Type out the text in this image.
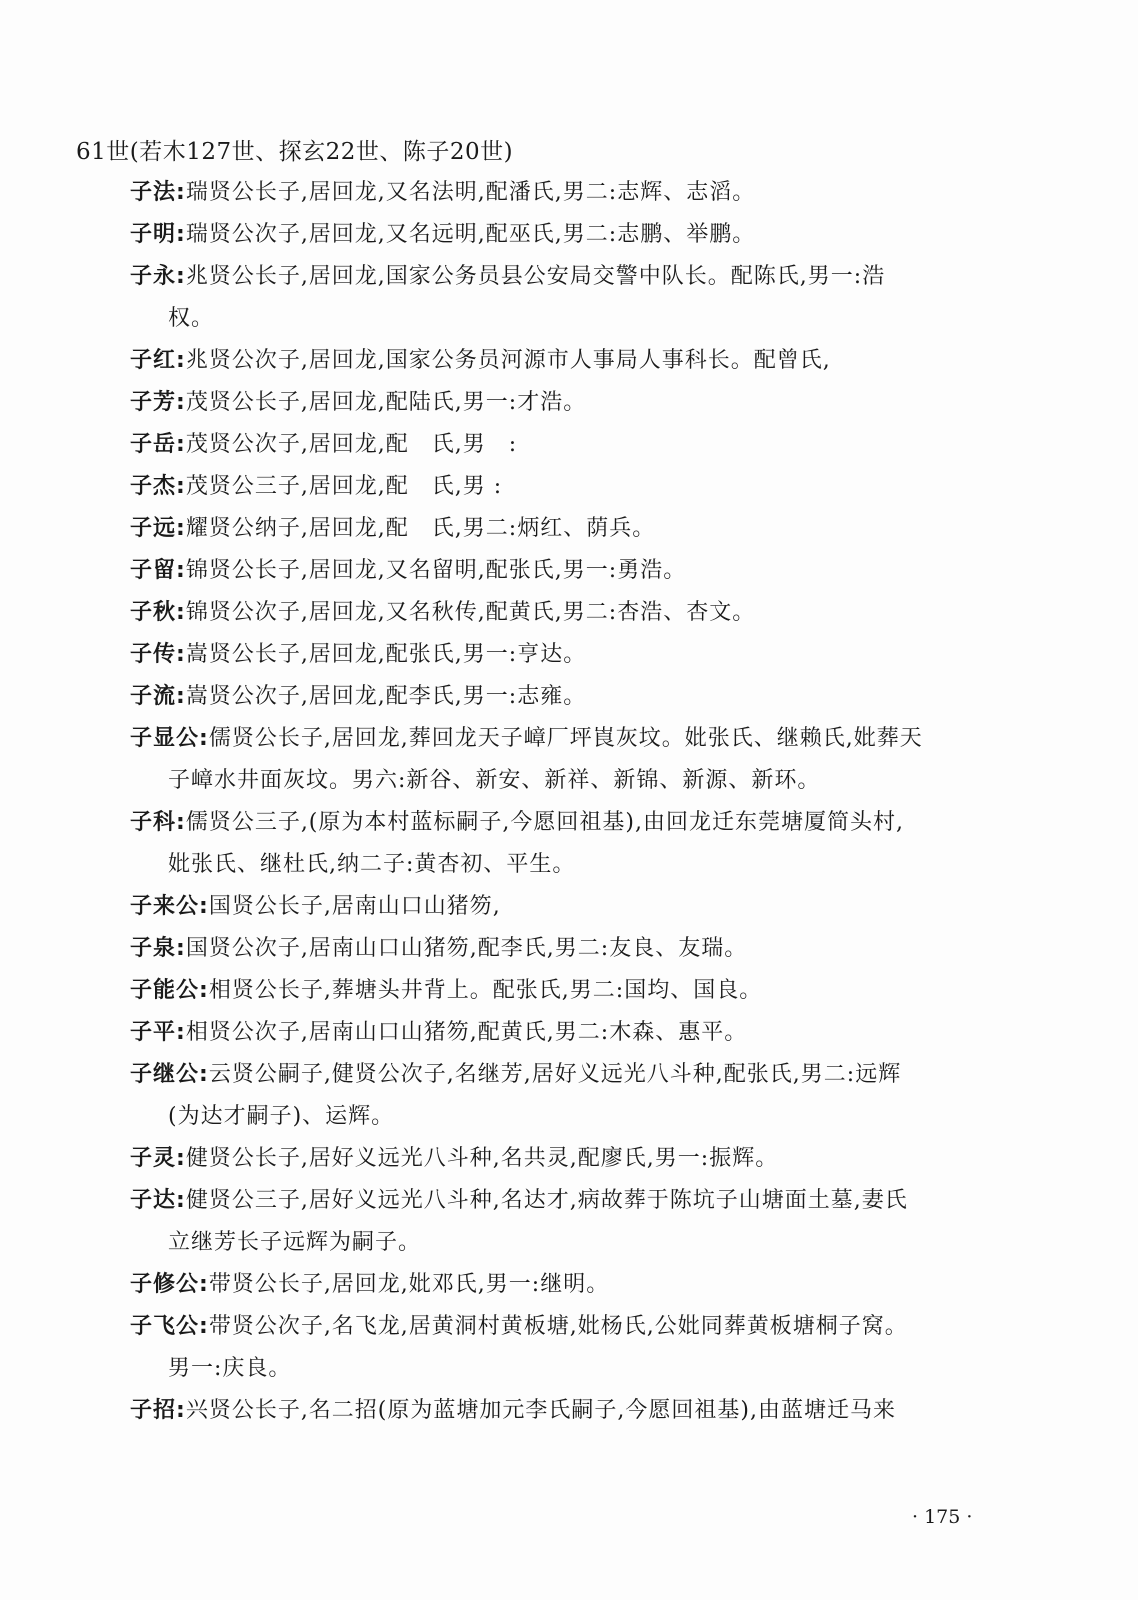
61世(若木127世、探玄22世、陈子20世)
子法:瑞贤公长子,居回龙,又名法明,配潘氏,男二:志辉、志滔。
子明:瑞贤公次子,居回龙,又名远明,配巫氏,男二:志鹏、举鹏。
子永:兆贤公长子,居回龙,国家公务员县公安局交警中队长。配陈氏,男一:浩
权。
子红:兆贤公次子,居回龙,国家公务员河源市人事局人事科长。配曾氏,
子芳:茂贤公长子,居回龙,配陆氏,男一:才浩。
子岳:茂贤公次子,居回龙,配　氏,男　:
子杰:茂贤公三子,居回龙,配　氏,男 :
子远:耀贤公纳子,居回龙,配　氏,男二:炳红、荫兵。
子留:锦贤公长子,居回龙,又名留明,配张氏,男一:勇浩。
子秋:锦贤公次子,居回龙,又名秋传,配黄氏,男二:杏浩、杏文。
子传:嵩贤公长子,居回龙,配张氏,男一:亨达。
子流:嵩贤公次子,居回龙,配李氏,男一:志雍。
子显公:儒贤公长子,居回龙,葬回龙天子嶂厂坪崀灰坟。妣张氏、继赖氏,妣葬天
子嶂水井面灰坟。男六:新谷、新安、新祥、新锦、新源、新环。
子科:儒贤公三子,(原为本村蓝标嗣子,今愿回祖基),由回龙迁东莞塘厦简头村,
妣张氏、继杜氏,纳二子:黄杏初、平生。
子来公:国贤公长子,居南山口山猪笏,
子泉:国贤公次子,居南山口山猪笏,配李氏,男二:友良、友瑞。
子能公:相贤公长子,葬塘头井背上。配张氏,男二:国均、国良。
子平:相贤公次子,居南山口山猪笏,配黄氏,男二:木森、惠平。
子继公:云贤公嗣子,健贤公次子,名继芳,居好义远光八斗种,配张氏,男二:远辉
(为达才嗣子)、运辉。
子灵:健贤公长子,居好义远光八斗种,名共灵,配廖氏,男一:振辉。
子达:健贤公三子,居好义远光八斗种,名达才,病故葬于陈坑子山塘面土墓,妻氏
立继芳长子远辉为嗣子。
子修公:带贤公长子,居回龙,妣邓氏,男一:继明。
子飞公:带贤公次子,名飞龙,居黄洞村黄板塘,妣杨氏,公妣同葬黄板塘桐子窝。
男一:庆良。
子招:兴贤公长子,名二招(原为蓝塘加元李氏嗣子,今愿回祖基),由蓝塘迁马来
· 175 ·
